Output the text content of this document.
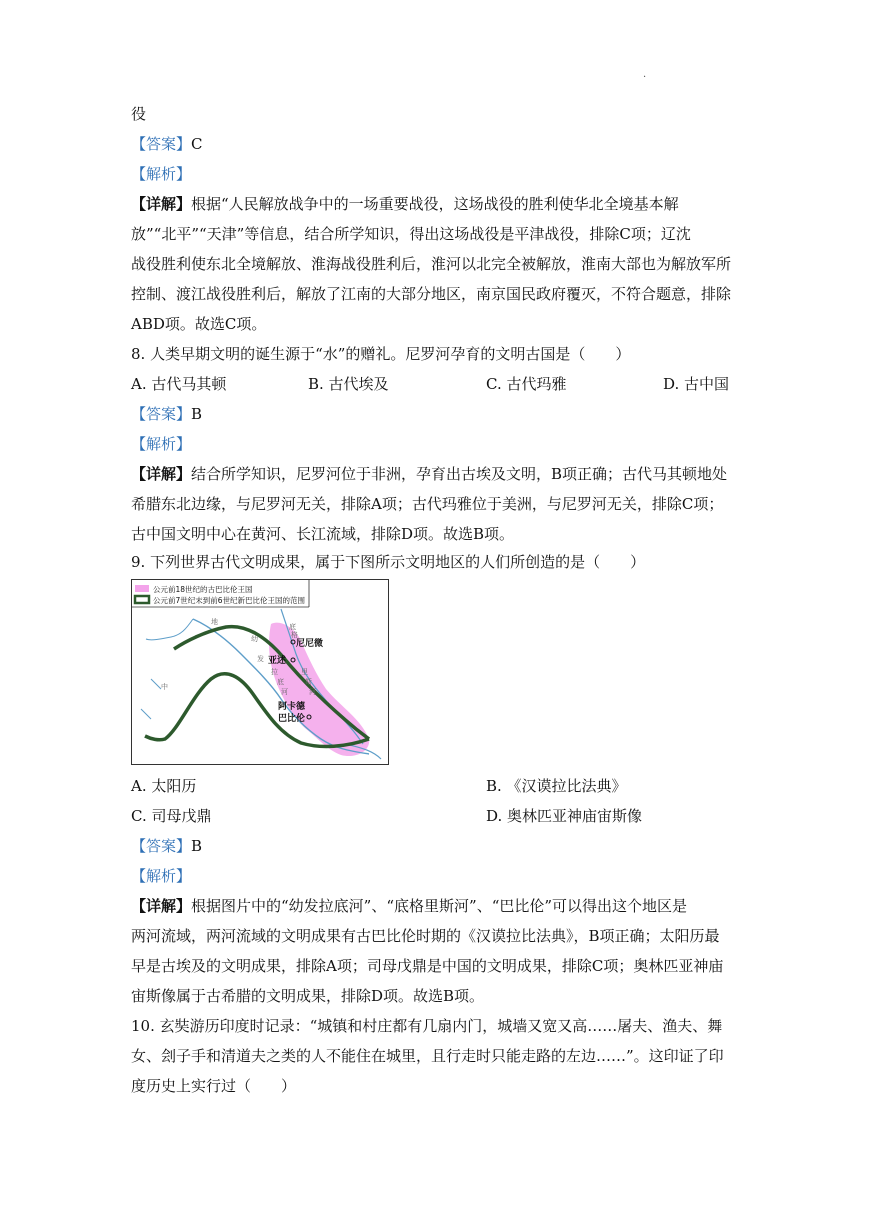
·
役
【答案】C
【解析】
【详解】根据“人民解放战争中的一场重要战役，这场战役的胜利使华北全境基本解
放”“北平”“天津”等信息，结合所学知识，得出这场战役是平津战役，排除C项；辽沈
战役胜利使东北全境解放、淮海战役胜利后，淮河以北完全被解放，淮南大部也为解放军所
控制、渡江战役胜利后，解放了江南的大部分地区，南京国民政府覆灭，不符合题意，排除
ABD项。故选C项。
8. 人类早期文明的诞生源于“水”的赠礼。尼罗河孕育的文明古国是（　　）
A. 古代马其顿	B. 古代埃及	C. 古代玛雅	D. 古中国
【答案】B
【解析】
【详解】结合所学知识，尼罗河位于非洲，孕育出古埃及文明，B项正确；古代马其顿地处
希腊东北边缘，与尼罗河无关，排除A项；古代玛雅位于美洲，与尼罗河无关，排除C项；
古中国文明中心在黄河、长江流域，排除D项。故选B项。
9. 下列世界古代文明成果，属于下图所示文明地区的人们所创造的是（　　）
公元前18世纪的古巴比伦王国
公元前7世纪末到前6世纪新巴比伦王国的范围
尼尼微
亚述
阿卡德
巴比伦
幼
发
拉
底
河
底
格
里
斯
河
地
中
A. 太阳历	B. 《汉谟拉比法典》
C. 司母戊鼎	D. 奥林匹亚神庙宙斯像
【答案】B
【解析】
【详解】根据图片中的“幼发拉底河”、“底格里斯河”、“巴比伦”可以得出这个地区是
两河流域，两河流域的文明成果有古巴比伦时期的《汉谟拉比法典》，B项正确；太阳历最
早是古埃及的文明成果，排除A项；司母戊鼎是中国的文明成果，排除C项；奥林匹亚神庙
宙斯像属于古希腊的文明成果，排除D项。故选B项。
10. 玄奘游历印度时记录：“城镇和村庄都有几扇内门，城墙又宽又高……屠夫、渔夫、舞
女、刽子手和清道夫之类的人不能住在城里，且行走时只能走路的左边……”。这印证了印
度历史上实行过（　　）
